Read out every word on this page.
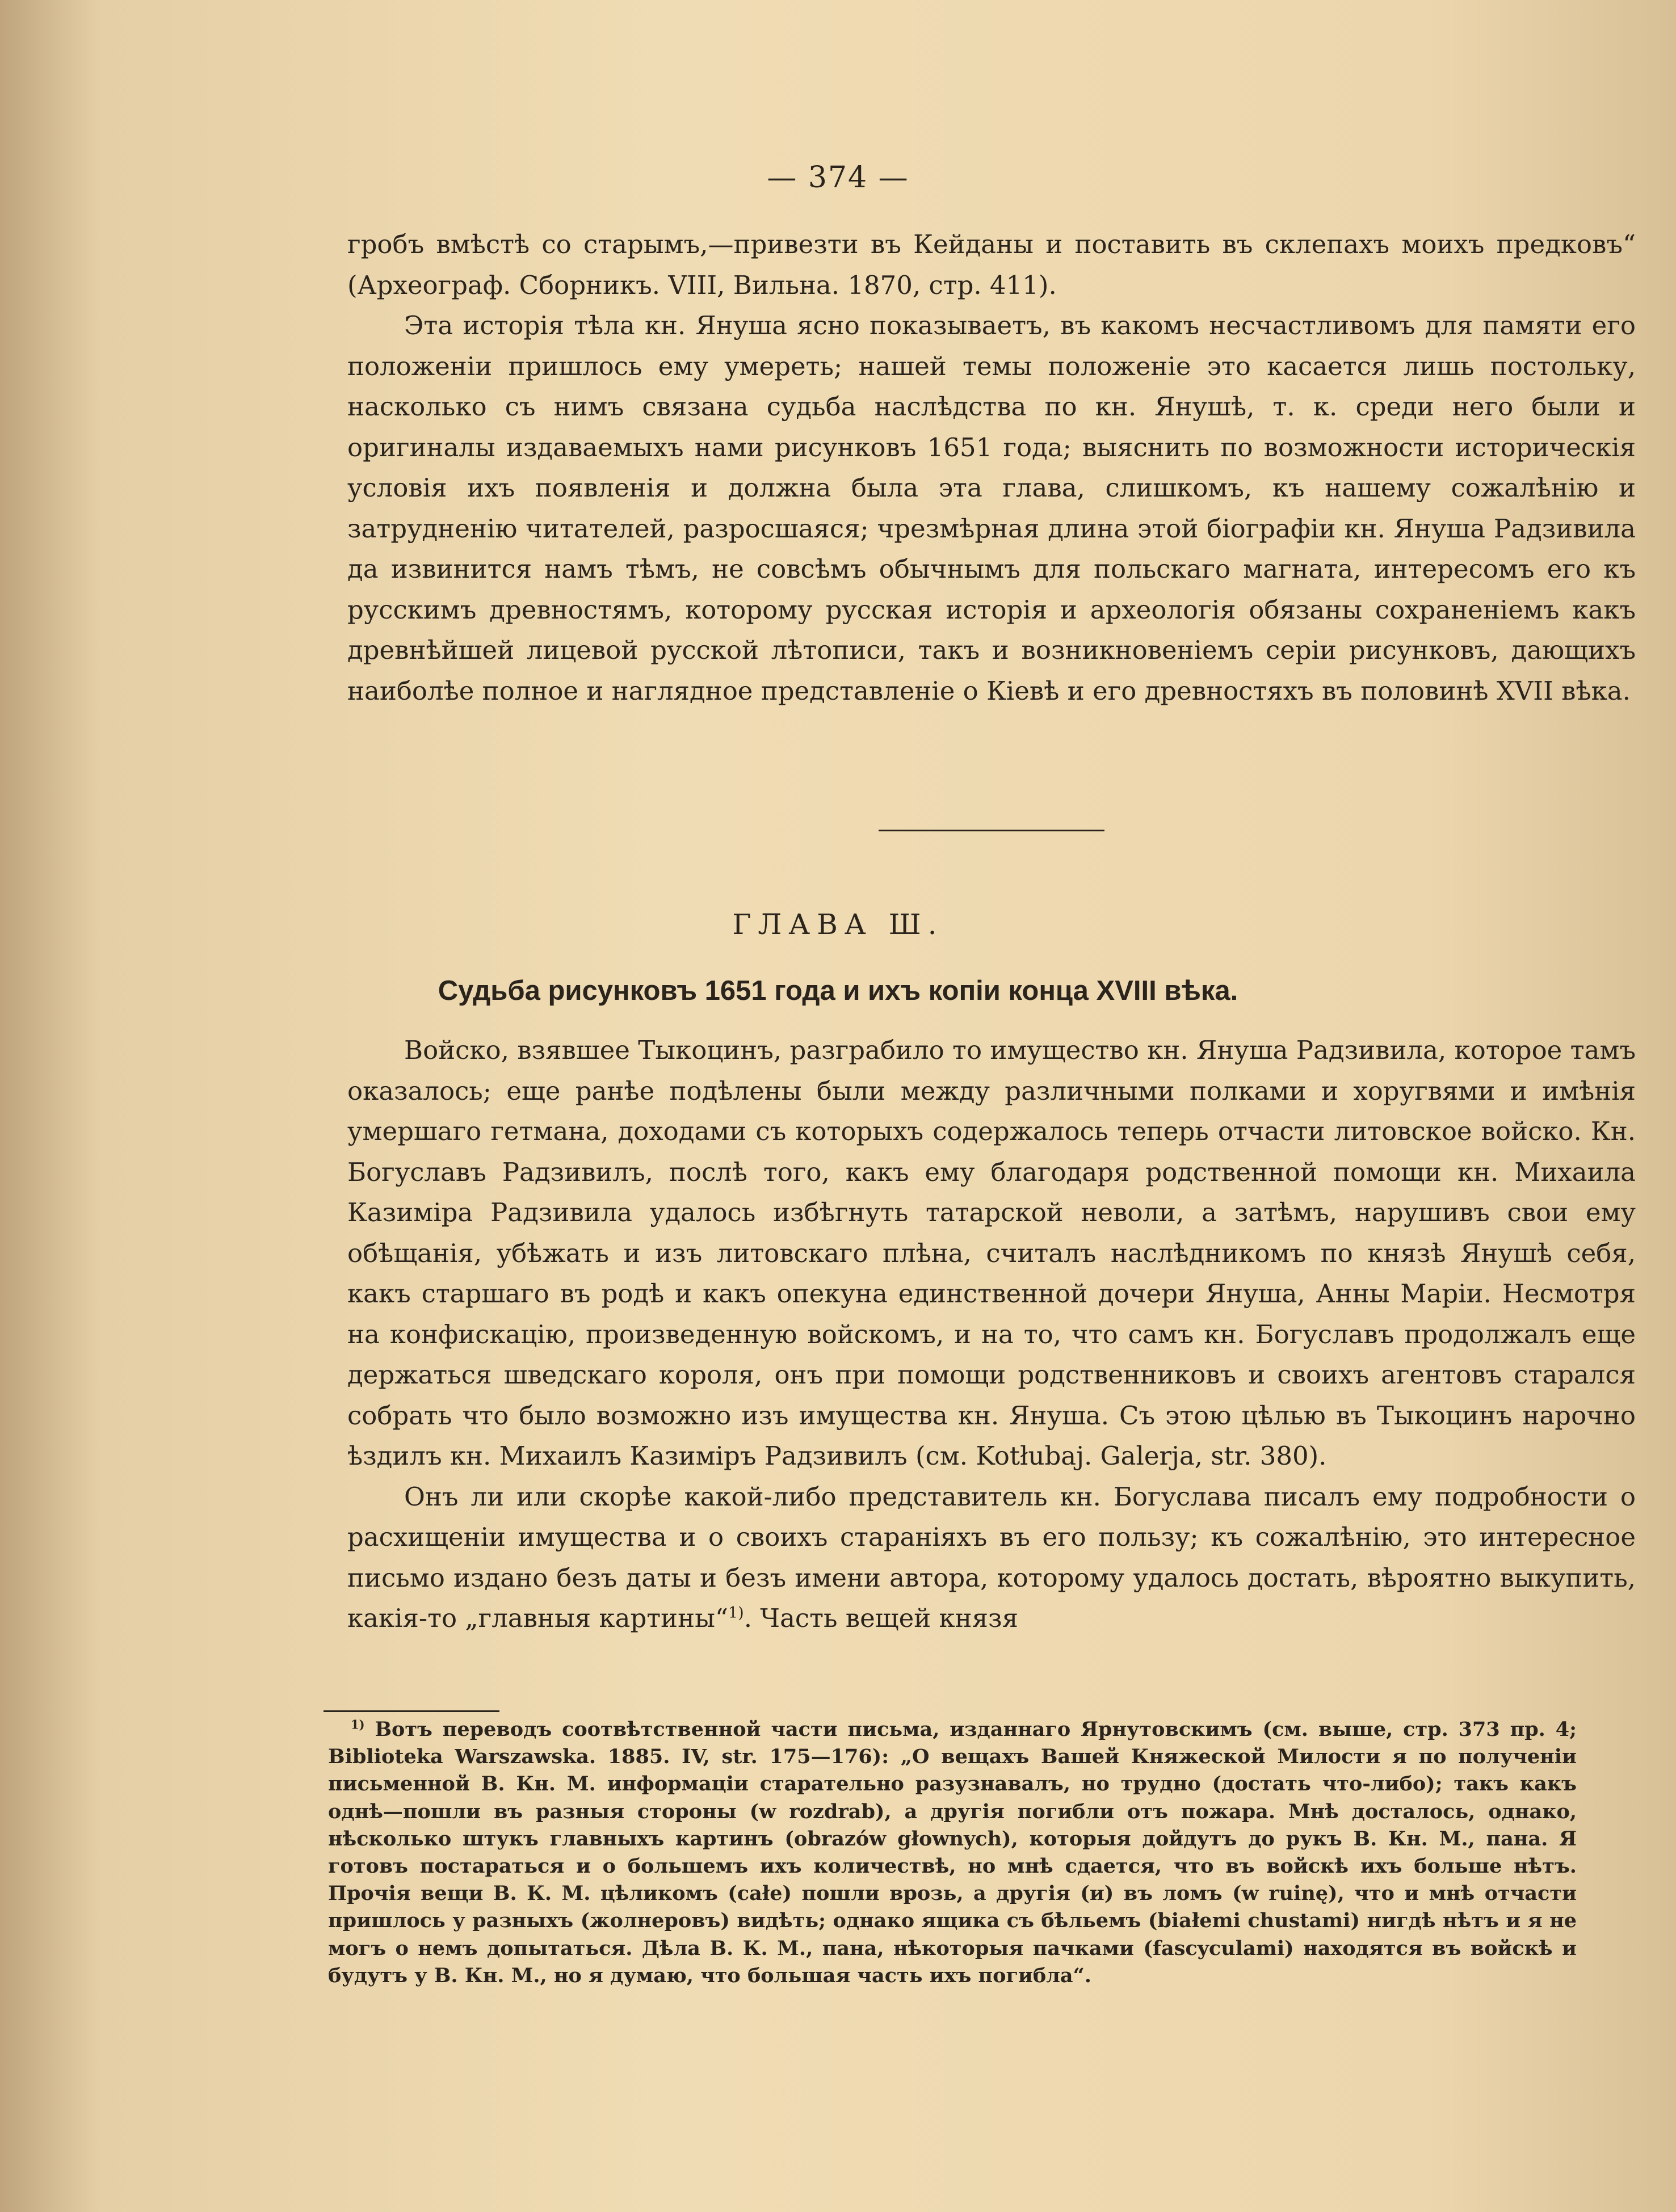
— 374 —

гробъ вмѣстѣ со старымъ,—привезти въ Кейданы и поставить въ склепахъ моихъ предковъ“ (Археограф. Сборникъ. VIII, Вильна. 1870, стр. 411).

Эта исторія тѣла кн. Януша ясно показываетъ, въ какомъ несчастливомъ для памяти его положеніи пришлось ему умереть; нашей темы положеніе это касается лишь постольку, насколько съ нимъ связана судьба наслѣдства по кн. Янушѣ, т. к. среди него были и оригиналы издаваемыхъ нами рисунковъ 1651 года; выяснить по возможности историческія условія ихъ появленія и должна была эта глава, слишкомъ, къ нашему сожалѣнію и затрудненію читателей, разросшаяся; чрезмѣрная длина этой біографіи кн. Януша Радзивила да извинится намъ тѣмъ, не совсѣмъ обычнымъ для польскаго магната, интересомъ его къ русскимъ древностямъ, которому русская исторія и археологія обязаны сохраненіемъ какъ древнѣйшей лицевой русской лѣтописи, такъ и возникновеніемъ серіи рисунковъ, дающихъ наиболѣе полное и наглядное представленіе о Кіевѣ и его древностяхъ въ половинѣ XVII вѣка.

ГЛАВА Ш.
Судьба рисунковъ 1651 года и ихъ копіи конца XVIII вѣка.

Войско, взявшее Тыкоцинъ, разграбило то имущество кн. Януша Радзивила, которое тамъ оказалось; еще ранѣе подѣлены были между различными полками и хоругвями и имѣнія умершаго гетмана, доходами съ которыхъ содержалось теперь отчасти литовское войско. Кн. Богуславъ Радзивилъ, послѣ того, какъ ему благодаря родственной помощи кн. Михаила Казиміра Радзивила удалось избѣгнуть татарской неволи, а затѣмъ, нарушивъ свои ему обѣщанія, убѣжать и изъ литовскаго плѣна, считалъ наслѣдникомъ по князѣ Янушѣ себя, какъ старшаго въ родѣ и какъ опекуна единственной дочери Януша, Анны Маріи. Несмотря на конфискацію, произведенную войскомъ, и на то, что самъ кн. Богуславъ продолжалъ еще держаться шведскаго короля, онъ при помощи родственниковъ и своихъ агентовъ старался собрать что было возможно изъ имущества кн. Януша. Съ этою цѣлью въ Тыкоцинъ нарочно ѣздилъ кн. Михаилъ Казиміръ Радзивилъ (см. Kotłubaj. Galerja, str. 380).

Онъ ли или скорѣе какой-либо представитель кн. Богуслава писалъ ему подробности о расхищеніи имущества и о своихъ стараніяхъ въ его пользу; къ сожалѣнію, это интересное письмо издано безъ даты и безъ имени автора, которому удалось достать, вѣроятно выкупить, какія-то „главныя картины“$^{1)}$. Часть вещей князя

$^{1)}$ Вотъ переводъ соотвѣтственной части письма, изданнаго Ярнутовскимъ (см. выше, стр. 373 пр. 4; Biblioteka Warszawska. 1885. IV, str. 175—176): „О вещахъ Вашей Княжеской Милости я по полученіи письменной В. Кн. М. информаціи старательно разузнавалъ, но трудно (достать что-либо); такъ какъ однѣ—пошли въ разныя стороны (w rozdrab), а другія погибли отъ пожара. Мнѣ досталось, однако, нѣсколько штукъ главныхъ картинъ (obrazów głownych), которыя дойдутъ до рукъ В. Кн. М., пана. Я готовъ постараться и о большемъ ихъ количествѣ, но мнѣ сдается, что въ войскѣ ихъ больше нѣтъ. Прочія вещи В. К. М. цѣликомъ (całe) пошли врозь, а другія (и) въ ломъ (w ruinę), что и мнѣ отчасти пришлось у разныхъ (жолнеровъ) видѣть; однако ящика съ бѣльемъ (białemi chustami) нигдѣ нѣтъ и я не могъ о немъ допытаться. Дѣла В. К. М., пана, нѣкоторыя пачками (fascyculami) находятся въ войскѣ и будутъ у В. Кн. М., но я думаю, что большая часть ихъ погибла“.
